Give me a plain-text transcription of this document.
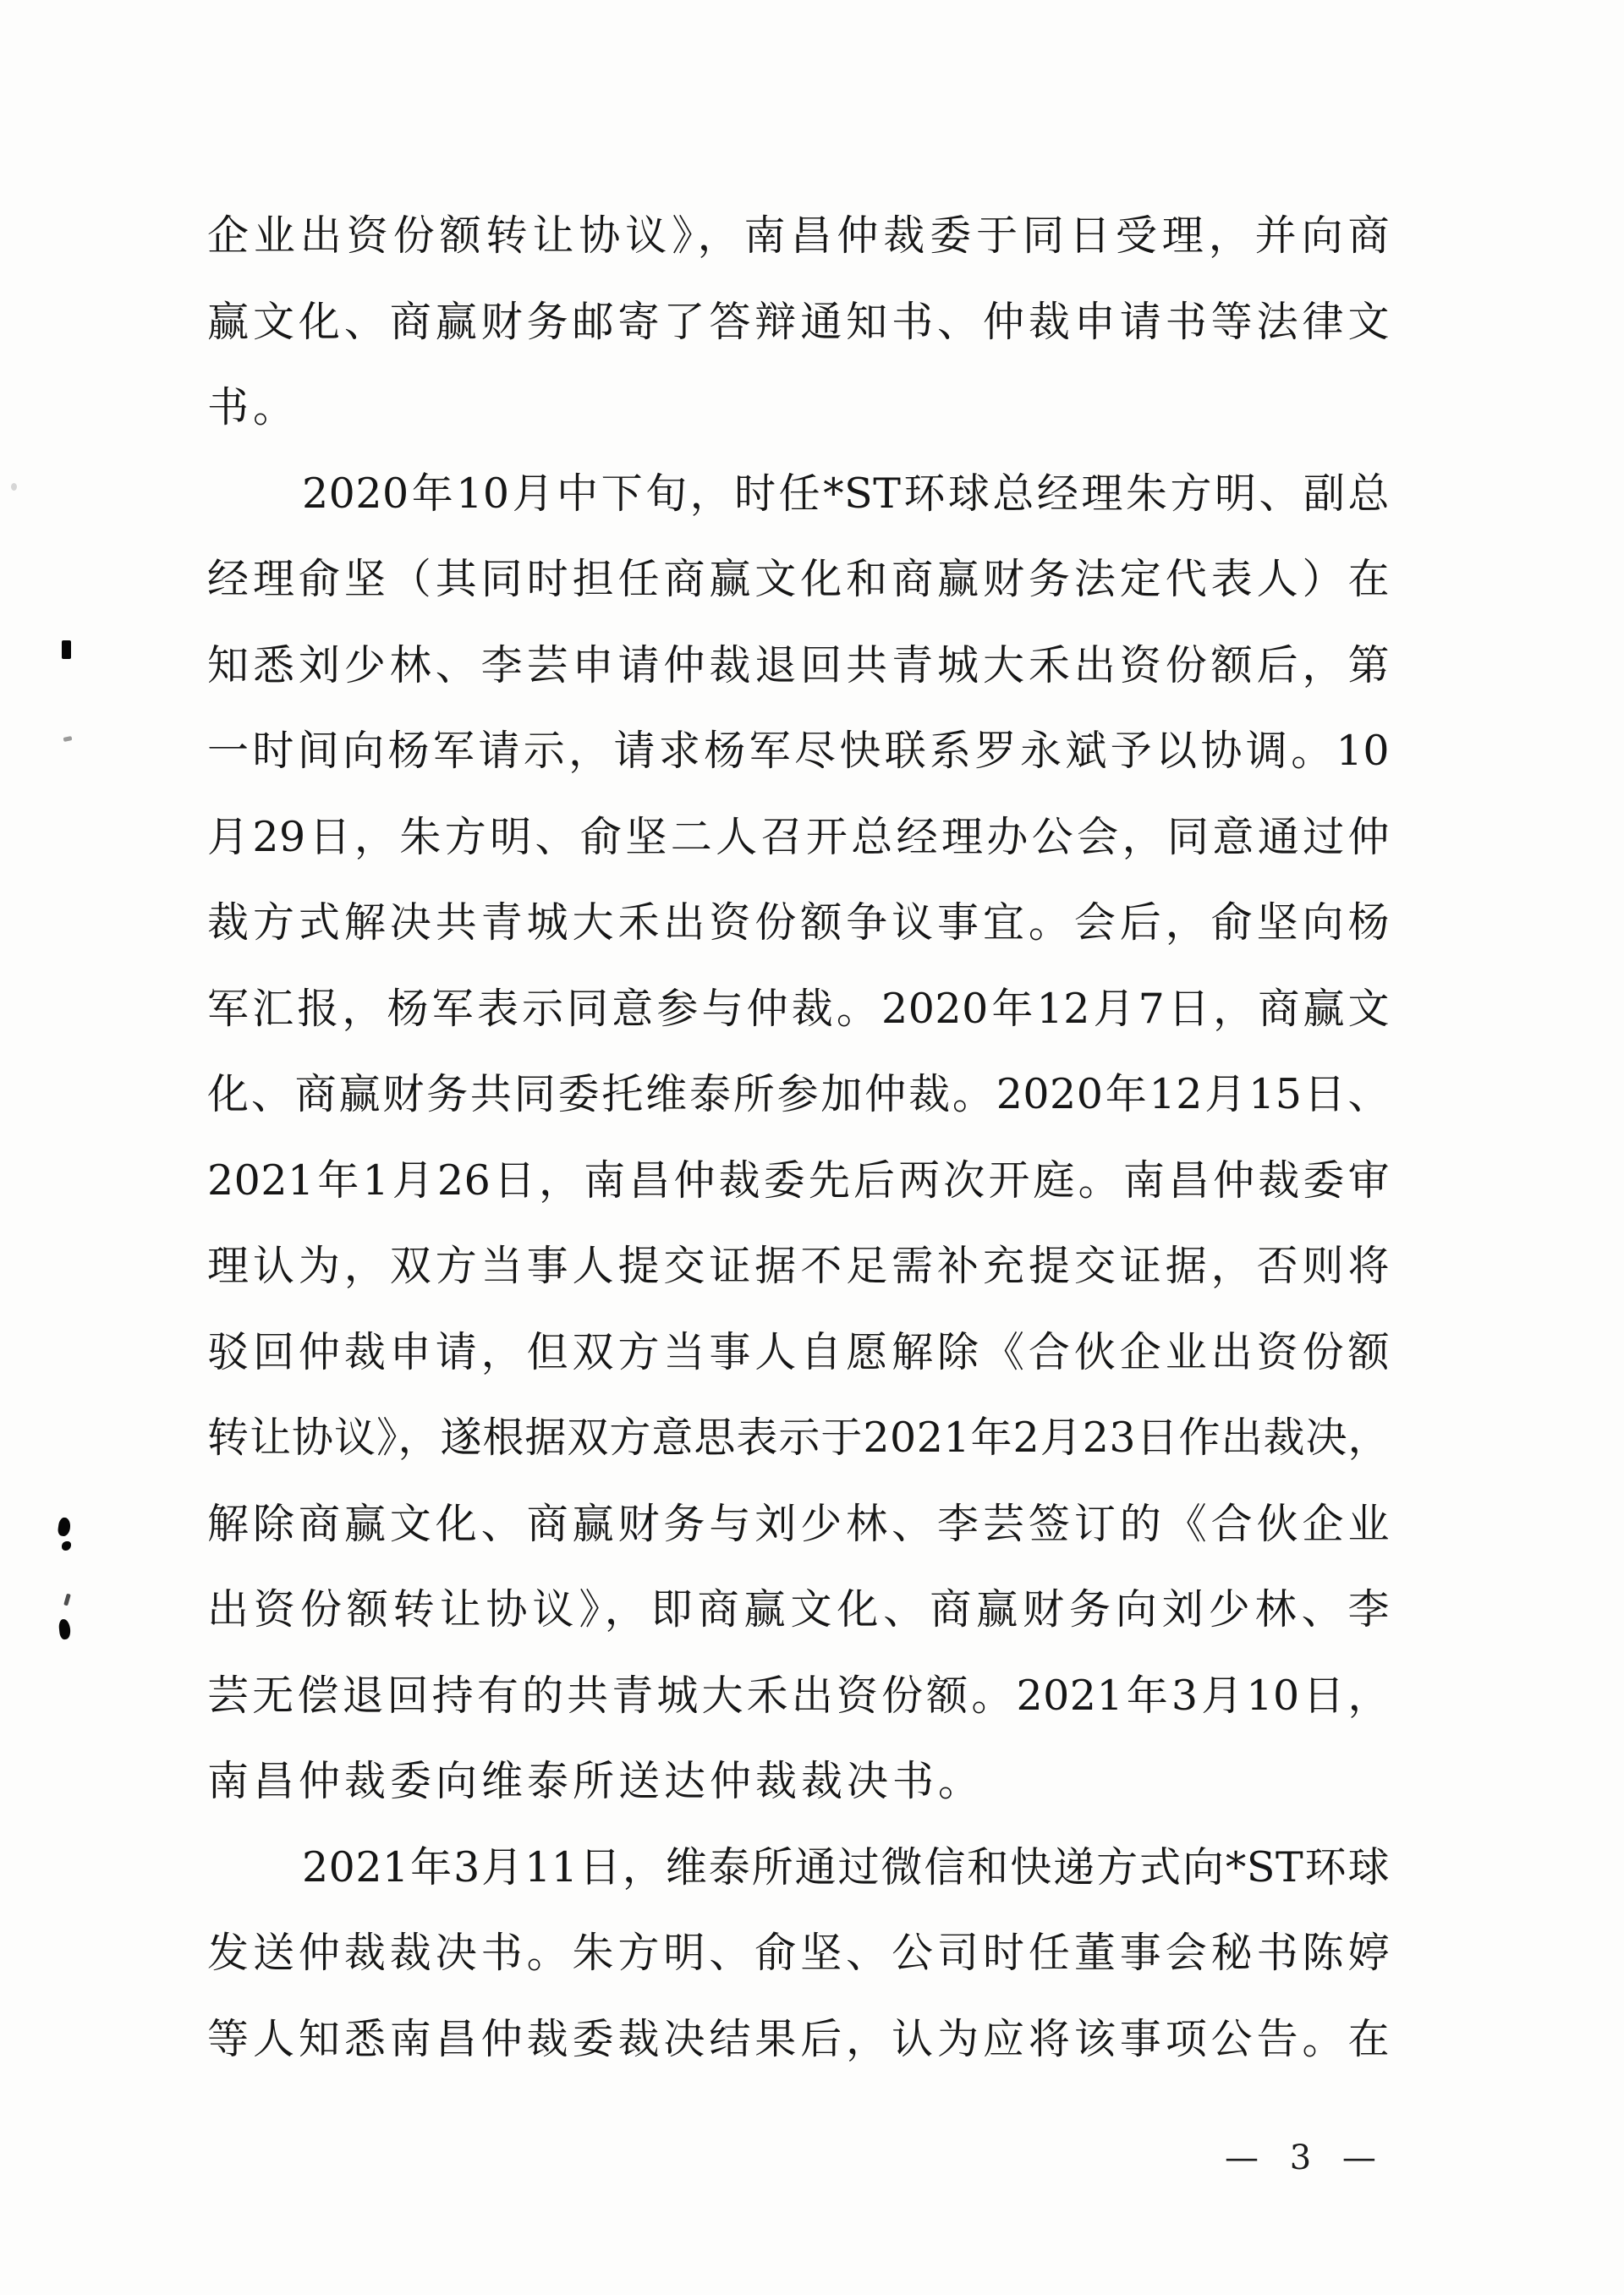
企业出资份额转让协议》，南昌仲裁委于同日受理，并向商
赢文化、商赢财务邮寄了答辩通知书、仲裁申请书等法律文
书。
2020年10月中下旬，时任*ST环球总经理朱方明、副总
经理俞坚（其同时担任商赢文化和商赢财务法定代表人）在
知悉刘少林、李芸申请仲裁退回共青城大禾出资份额后，第
一时间向杨军请示，请求杨军尽快联系罗永斌予以协调。10
月29日，朱方明、俞坚二人召开总经理办公会，同意通过仲
裁方式解决共青城大禾出资份额争议事宜。会后，俞坚向杨
军汇报，杨军表示同意参与仲裁。2020年12月7日，商赢文
化、商赢财务共同委托维泰所参加仲裁。2020年12月15日、
2021年1月26日，南昌仲裁委先后两次开庭。南昌仲裁委审
理认为，双方当事人提交证据不足需补充提交证据，否则将
驳回仲裁申请，但双方当事人自愿解除《合伙企业出资份额
转让协议》，遂根据双方意思表示于2021年2月23日作出裁决，
解除商赢文化、商赢财务与刘少林、李芸签订的《合伙企业
出资份额转让协议》，即商赢文化、商赢财务向刘少林、李
芸无偿退回持有的共青城大禾出资份额。2021年3月10日，
南昌仲裁委向维泰所送达仲裁裁决书。
2021年3月11日，维泰所通过微信和快递方式向*ST环球
发送仲裁裁决书。朱方明、俞坚、公司时任董事会秘书陈婷
等人知悉南昌仲裁委裁决结果后，认为应将该事项公告。在
— 3 —
